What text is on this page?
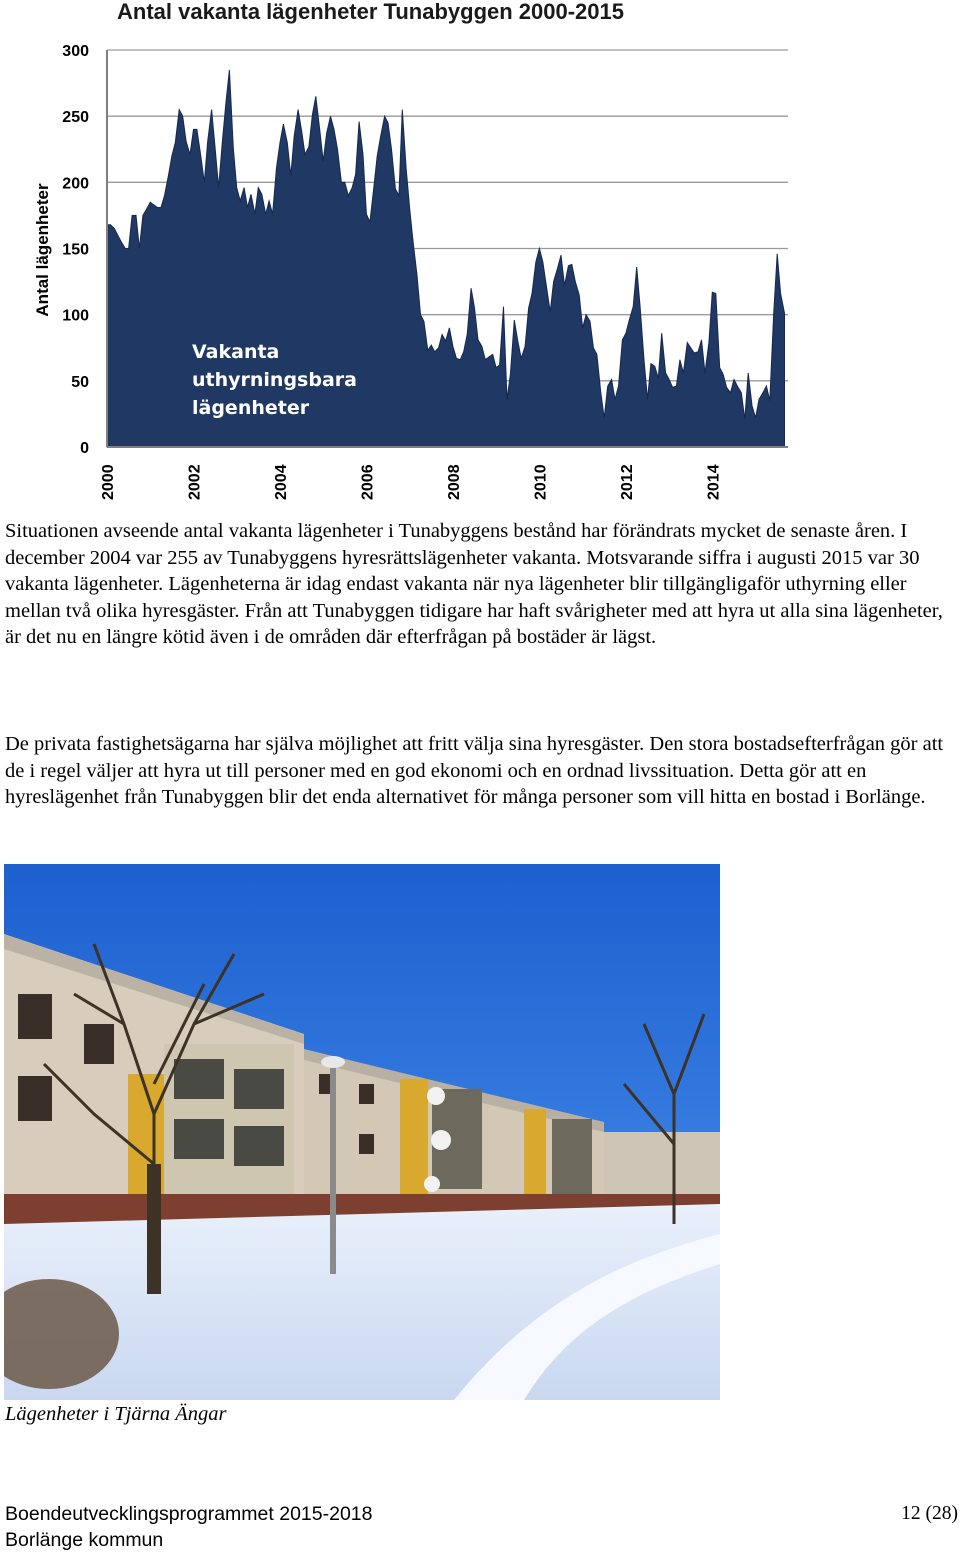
Antal vakanta lägenheter Tunabyggen 2000-2015
Antal lägenheter
0
50
100
150
200
250
300
2000	2002	2004	2006	2008	2010	2012	2014
Vakanta
uthyrningsbara
lägenheter

Situationen avseende antal vakanta lägenheter i Tunabyggens bestånd har förändrats mycket de senaste åren. I december 2004 var 255 av Tunabyggens hyresrättslägenheter vakanta. Motsvarande siffra i augusti 2015 var 30 vakanta lägenheter. Lägenheterna är idag endast vakanta när nya lägenheter blir tillgängligaför uthyrning eller mellan två olika hyresgäster. Från att Tunabyggen tidigare har haft svårigheter med att hyra ut alla sina lägenheter, är det nu en längre kötid även i de områden där efterfrågan på bostäder är lägst.

De privata fastighetsägarna har själva möjlighet att fritt välja sina hyresgäster. Den stora bostadsefterfrågan gör att de i regel väljer att hyra ut till personer med en god ekonomi och en ordnad livssituation. Detta gör att en hyreslägenhet från Tunabyggen blir det enda alternativet för många personer som vill hitta en bostad i Borlänge.

Lägenheter i Tjärna Ängar
Boendeutvecklingsprogrammet 2015-2018
Borlänge kommun
12 (28)
